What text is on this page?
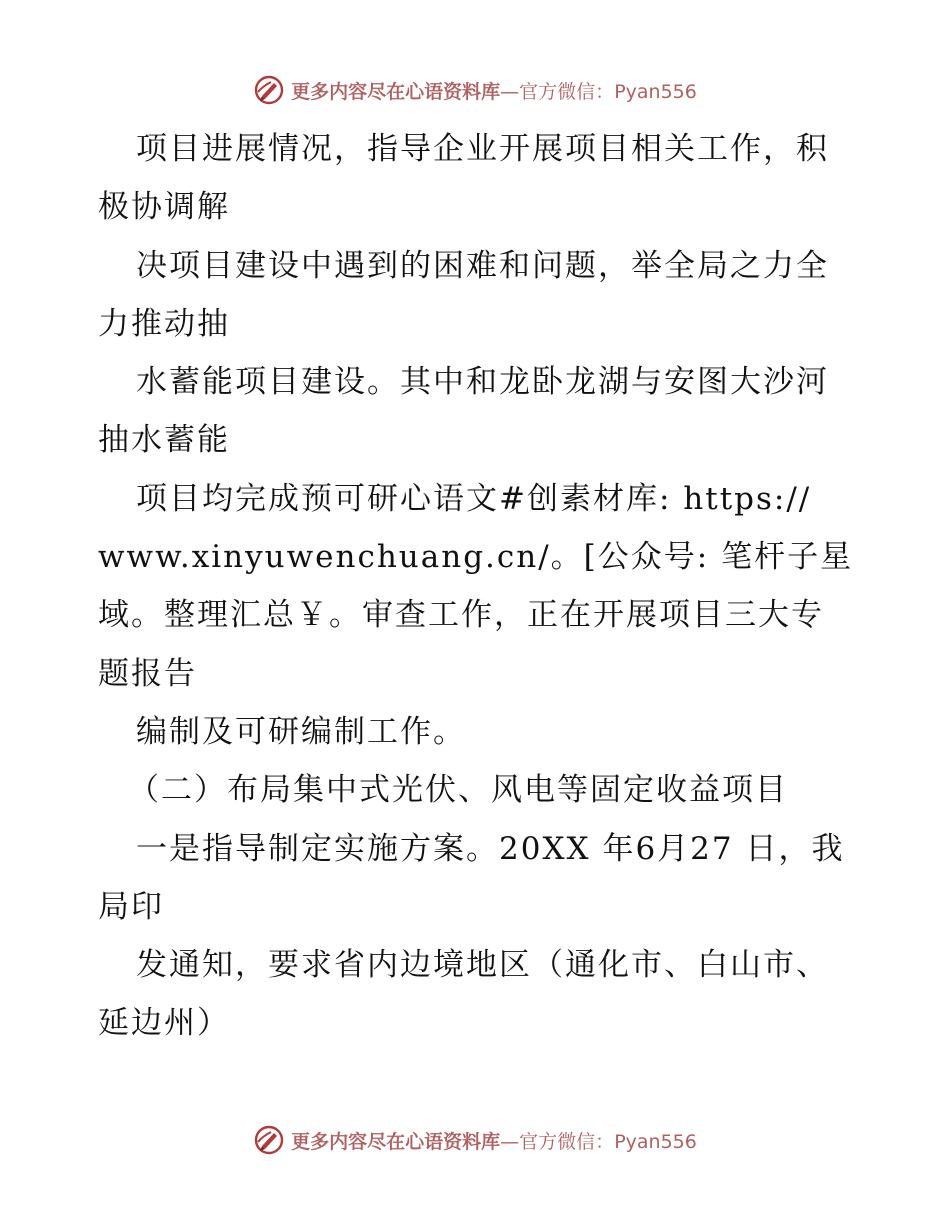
更多内容尽在心语资料库—官方微信：Pyan556
项目进展情况，指导企业开展项目相关工作，积
极协调解
决项目建设中遇到的困难和问题，举全局之力全
力推动抽
水蓄能项目建设。其中和龙卧龙湖与安图大沙河
抽水蓄能
项目均完成预可研心语文#创素材库: https://
www.xinyuwenchuang.cn/。[公众号: 笔杆子星
域。整理汇总￥。审查工作，正在开展项目三大专
题报告
编制及可研编制工作。
（二）布局集中式光伏、风电等固定收益项目
一是指导制定实施方案。20XX 年6月27 日，我
局印
发通知，要求省内边境地区（通化市、白山市、
延边州）
更多内容尽在心语资料库—官方微信：Pyan556
